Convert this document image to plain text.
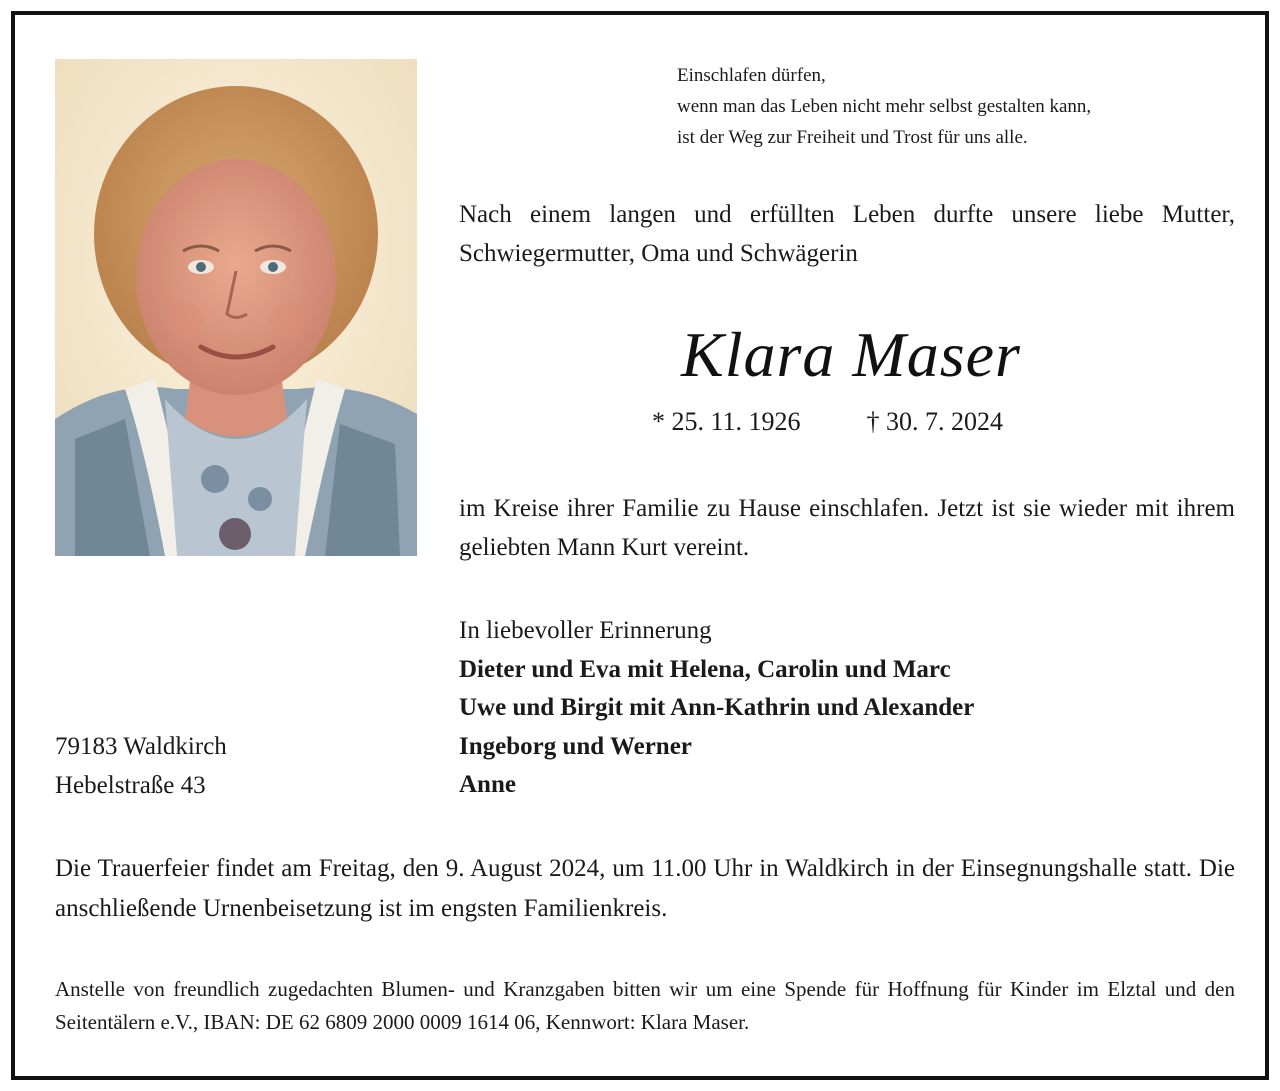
Einschlafen dürfen,
wenn man das Leben nicht mehr selbst gestalten kann,
ist der Weg zur Freiheit und Trost für uns alle.

Nach einem langen und erfüllten Leben durfte unsere liebe Mutter, Schwiegermutter, Oma und Schwägerin

Klara Maser
* 25. 11. 1926	† 30. 7. 2024

im Kreise ihrer Familie zu Hause einschlafen. Jetzt ist sie wieder mit ihrem geliebten Mann Kurt vereint.

In liebevoller Erinnerung
Dieter und Eva mit Helena, Carolin und Marc
Uwe und Birgit mit Ann-Kathrin und Alexander
Ingeborg und Werner
Anne
79183 Waldkirch
Hebelstraße 43

Die Trauerfeier findet am Freitag, den 9. August 2024, um 11.00 Uhr in Waldkirch in der Einsegnungshalle statt. Die anschließende Urnenbeisetzung ist im engsten Familienkreis.

Anstelle von freundlich zugedachten Blumen- und Kranzgaben bitten wir um eine Spende für Hoffnung für Kinder im Elztal und den Seitentälern e.V., IBAN: DE 62 6809 2000 0009 1614 06, Kennwort: Klara Maser.
